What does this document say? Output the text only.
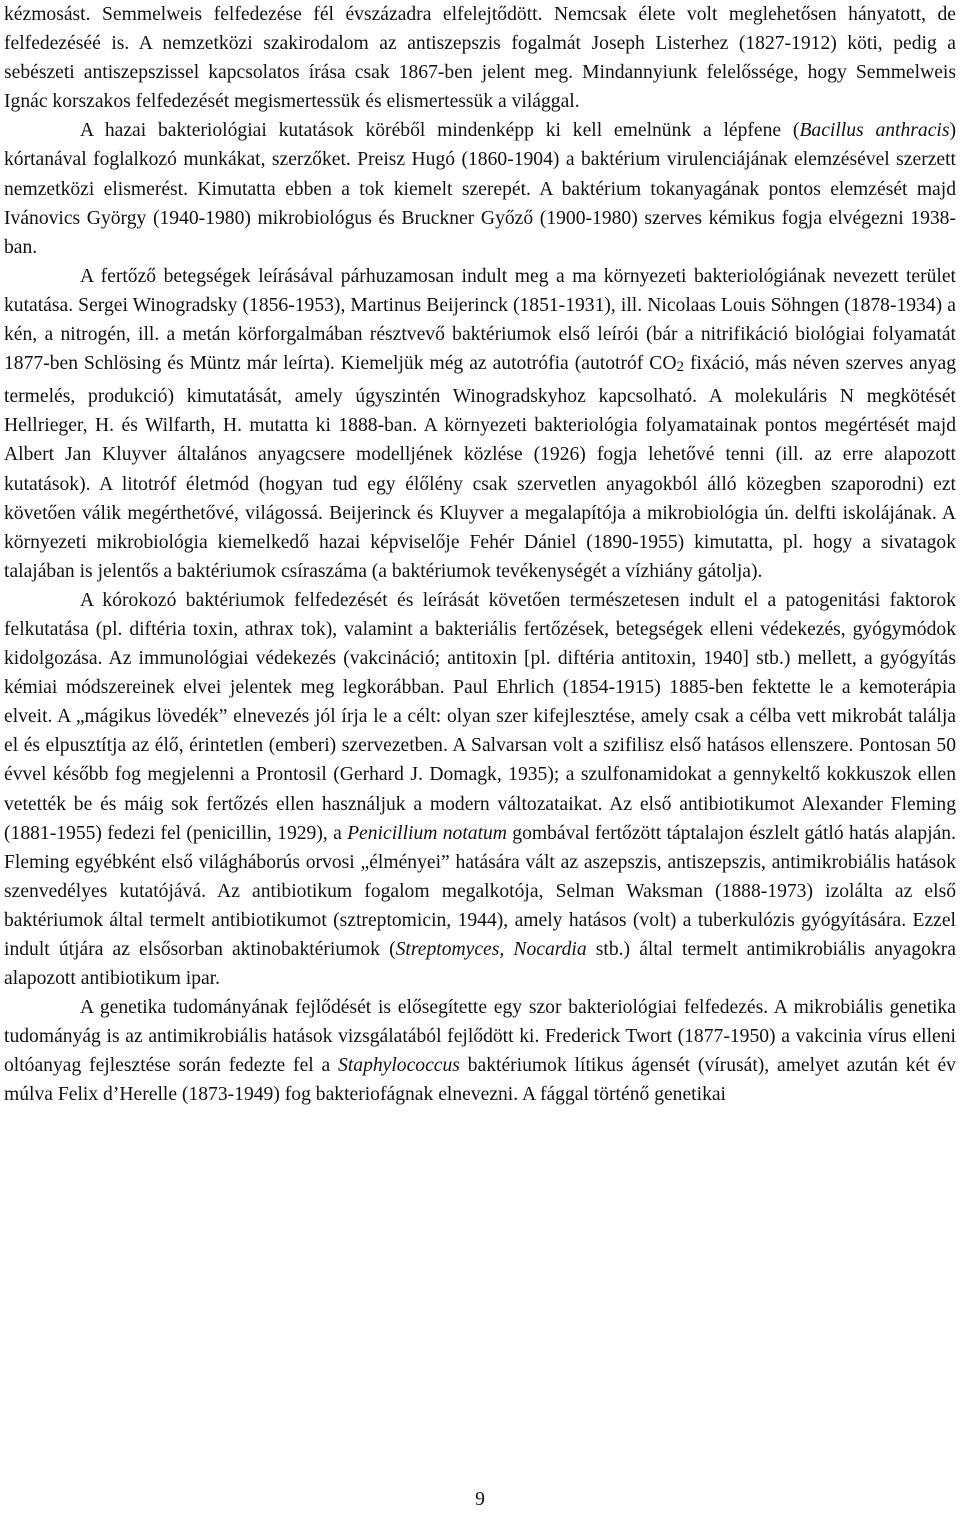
kézmosást. Semmelweis felfedezése fél évszázadra elfelejtődött. Nemcsak élete volt meglehetősen hányatott, de felfedezéséé is. A nemzetközi szakirodalom az antiszepszis fogalmát Joseph Listerhez (1827-1912) köti, pedig a sebészeti antiszepszissel kapcsolatos írása csak 1867-ben jelent meg. Mindannyiunk felelőssége, hogy Semmelweis Ignác korszakos felfedezését megismertessük és elismertessük a világgal.

A hazai bakteriológiai kutatások köréből mindenképp ki kell emelnünk a lépfene (Bacillus anthracis) kórtanával foglalkozó munkákat, szerzőket. Preisz Hugó (1860-1904) a baktérium virulenciájának elemzésével szerzett nemzetközi elismerést. Kimutatta ebben a tok kiemelt szerepét. A baktérium tokanyagának pontos elemzését majd Ivánovics György (1940-1980) mikrobiológus és Bruckner Győző (1900-1980) szerves kémikus fogja elvégezni 1938-ban.

A fertőző betegségek leírásával párhuzamosan indult meg a ma környezeti bakteriológiának nevezett terület kutatása. Sergei Winogradsky (1856-1953), Martinus Beijerinck (1851-1931), ill. Nicolaas Louis Söhngen (1878-1934) a kén, a nitrogén, ill. a metán körforgalmában résztvevő baktériumok első leírói (bár a nitrifikáció biológiai folyamatát 1877-ben Schlösing és Müntz már leírta). Kiemeljük még az autotrófia (autotróf $CO_2$ fixáció, más néven szerves anyag termelés, produkció) kimutatását, amely úgyszintén Winogradskyhoz kapcsolható. A molekuláris N megkötését Hellrieger, H. és Wilfarth, H. mutatta ki 1888-ban. A környezeti bakteriológia folyamatainak pontos megértését majd Albert Jan Kluyver általános anyagcsere modelljének közlése (1926) fogja lehetővé tenni (ill. az erre alapozott kutatások). A litotróf életmód (hogyan tud egy élőlény csak szervetlen anyagokból álló közegben szaporodni) ezt követően válik megérthetővé, világossá. Beijerinck és Kluyver a megalapítója a mikrobiológia ún. delfti iskolájának. A környezeti mikrobiológia kiemelkedő hazai képviselője Fehér Dániel (1890-1955) kimutatta, pl. hogy a sivatagok talajában is jelentős a baktériumok csíraszáma (a baktériumok tevékenységét a vízhiány gátolja).

A kórokozó baktériumok felfedezését és leírását követően természetesen indult el a patogenitási faktorok felkutatása (pl. diftéria toxin, athrax tok), valamint a bakteriális fertőzések, betegségek elleni védekezés, gyógymódok kidolgozása. Az immunológiai védekezés (vakcináció; antitoxin [pl. diftéria antitoxin, 1940] stb.) mellett, a gyógyítás kémiai módszereinek elvei jelentek meg legkorábban. Paul Ehrlich (1854-1915) 1885-ben fektette le a kemoterápia elveit. A „mágikus lövedék” elnevezés jól írja le a célt: olyan szer kifejlesztése, amely csak a célba vett mikrobát találja el és elpusztítja az élő, érintetlen (emberi) szervezetben. A Salvarsan volt a szifilisz első hatásos ellenszere. Pontosan 50 évvel később fog megjelenni a Prontosil (Gerhard J. Domagk, 1935); a szulfonamidokat a gennykeltő kokkuszok ellen vetették be és máig sok fertőzés ellen használjuk a modern változataikat. Az első antibiotikumot Alexander Fleming (1881-1955) fedezi fel (penicillin, 1929), a Penicillium notatum gombával fertőzött táptalajon észlelt gátló hatás alapján. Fleming egyébként első világháborús orvosi „élményei” hatására vált az aszepszis, antiszepszis, antimikrobiális hatások szenvedélyes kutatójává. Az antibiotikum fogalom megalkotója, Selman Waksman (1888-1973) izolálta az első baktériumok által termelt antibiotikumot (sztreptomicin, 1944), amely hatásos (volt) a tuberkulózis gyógyítására. Ezzel indult útjára az elsősorban aktinobaktériumok (Streptomyces, Nocardia stb.) által termelt antimikrobiális anyagokra alapozott antibiotikum ipar.

A genetika tudományának fejlődését is elősegítette egy szor bakteriológiai felfedezés. A mikrobiális genetika tudományág is az antimikrobiális hatások vizsgálatából fejlődött ki. Frederick Twort (1877-1950) a vakcinia vírus elleni oltóanyag fejlesztése során fedezte fel a Staphylococcus baktériumok lítikus ágensét (vírusát), amelyet azután két év múlva Felix d’Herelle (1873-1949) fog bakteriofágnak elnevezni. A fággal történő genetikai

9
